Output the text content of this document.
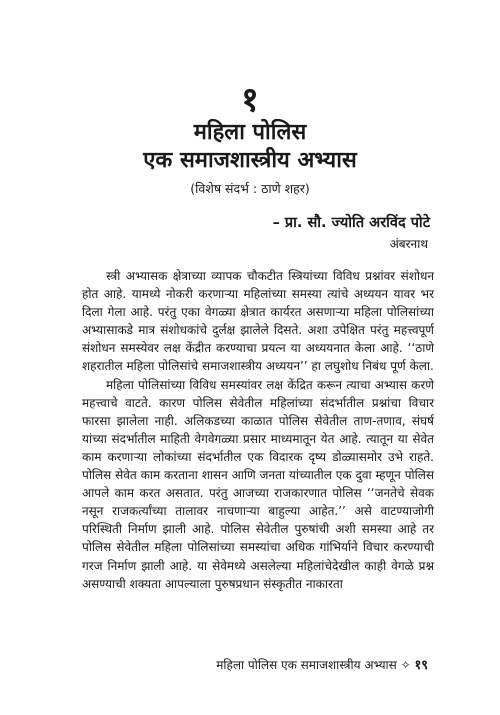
१
महिला पोलिस
एक समाजशास्त्रीय अभ्यास
(विशेष संदर्भ : ठाणे शहर)
– प्रा. सौ. ज्योति अरविंद पोटे
अंबरनाथ

स्त्री अभ्यासक क्षेत्राच्या व्यापक चौकटीत स्त्रियांच्या विविध प्रश्नांवर संशोधन होत आहे. यामध्ये नोकरी करणाऱ्या महिलांच्या समस्या त्यांचे अध्ययन यावर भर दिला गेला आहे. परंतु एका वेगळ्या क्षेत्रात कार्यरत असणाऱ्या महिला पोलिसांच्या अभ्यासाकडे मात्र संशोधकांचे दुर्लक्ष झालेले दिसते. अशा उपेक्षित परंतु महत्त्वपूर्ण संशोधन समस्येवर लक्ष केंद्रीत करण्याचा प्रयत्न या अध्ययनात केला आहे. ‘‘ठाणे शहरातील महिला पोलिसांचे समाजशास्त्रीय अध्ययन’’ हा लघुशोध निबंध पूर्ण केला.

महिला पोलिसांच्या विविध समस्यांवर लक्ष केंद्रित करून त्याचा अभ्यास करणे महत्त्वाचे वाटते. कारण पोलिस सेवेतील महिलांच्या संदर्भातील प्रश्नांचा विचार फारसा झालेला नाही. अलिकडच्या काळात पोलिस सेवेतील ताण-तणाव, संघर्ष यांच्या संदर्भातील माहिती वेगवेगळ्या प्रसार माध्यमातून येत आहे. त्यातून या सेवेत काम करणाऱ्या लोकांच्या संदर्भातील एक विदारक दृष्य डोळ्यासमोर उभे राहते. पोलिस सेवेत काम करताना शासन आणि जनता यांच्यातील एक दुवा म्हणून पोलिस आपले काम करत असतात. परंतु आजच्या राजकारणात पोलिस ‘‘जनतेचे सेवक नसून राजकर्त्यांच्या तालावर नाचणाऱ्या बाहुल्या आहेत.’’ असे वाटण्याजोगी परिस्थिती निर्माण झाली आहे. पोलिस सेवेतील पुरुषांची अशी समस्या आहे तर पोलिस सेवेतील महिला पोलिसांच्या समस्यांचा अधिक गांभिर्याने विचार करण्याची गरज निर्माण झाली आहे. या सेवेमध्ये असलेल्या महिलांचेदेखील काही वेगळे प्रश्न असण्याची शक्यता आपल्याला पुरुषप्रधान संस्कृतीत नाकारता

महिला पोलिस एक समाजशास्त्रीय अभ्यास ✧ १९
